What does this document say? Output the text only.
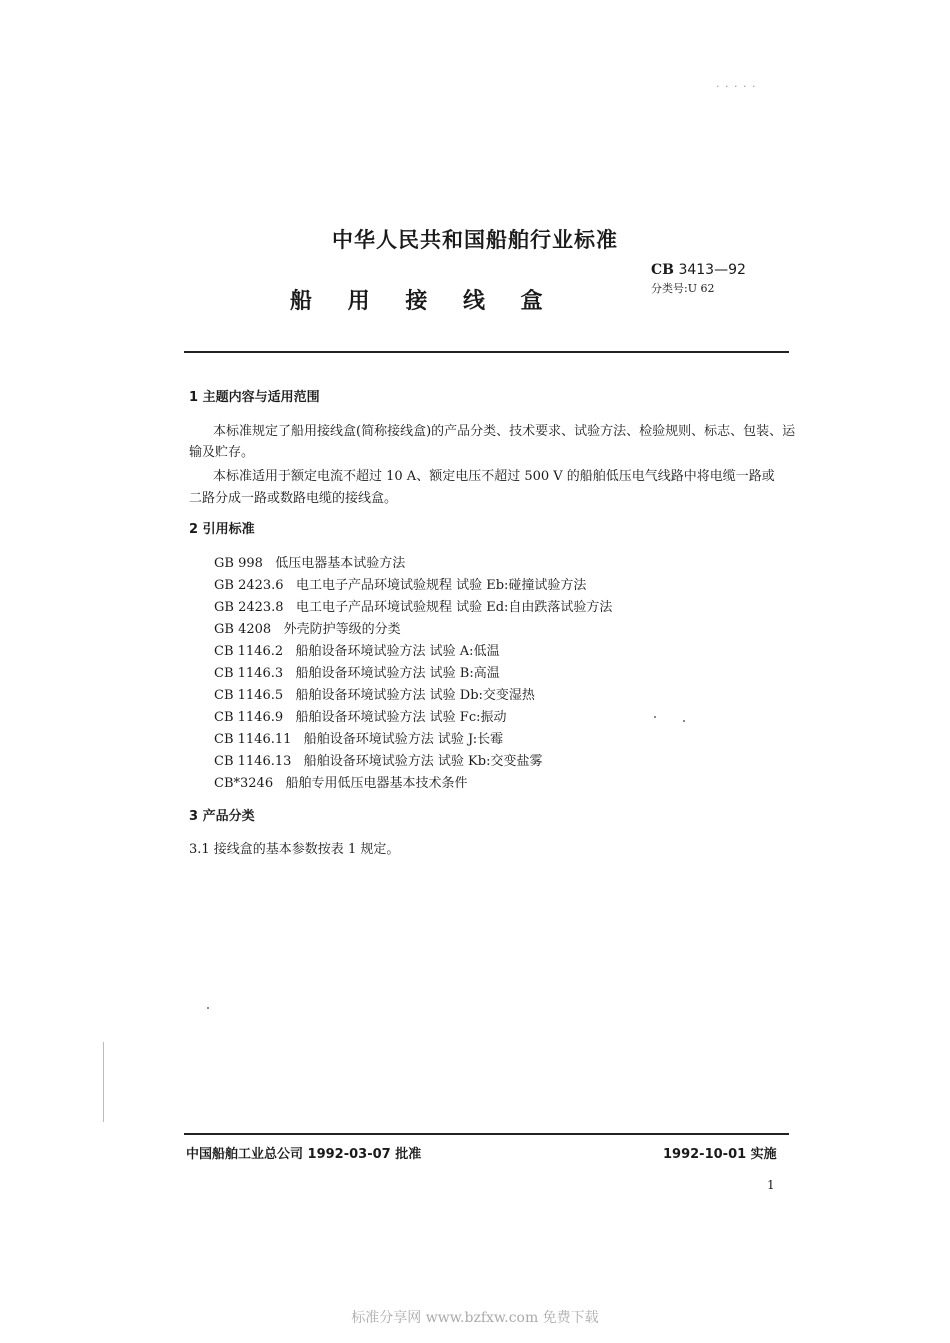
· · · · ·
中华人民共和国船舶行业标准
CB 3413—92
分类号:U 62
船 用 接 线 盒
1 主题内容与适用范围
本标准规定了船用接线盒(简称接线盒)的产品分类、技术要求、试验方法、检验规则、标志、包装、运
输及贮存。
本标准适用于额定电流不超过 10 A、额定电压不超过 500 V 的船舶低压电气线路中将电缆一路或
二路分成一路或数路电缆的接线盒。
2 引用标准
GB 998 低压电器基本试验方法
GB 2423.6 电工电子产品环境试验规程 试验 Eb:碰撞试验方法
GB 2423.8 电工电子产品环境试验规程 试验 Ed:自由跌落试验方法
GB 4208 外壳防护等级的分类
CB 1146.2 船舶设备环境试验方法 试验 A:低温
CB 1146.3 船舶设备环境试验方法 试验 B:高温
CB 1146.5 船舶设备环境试验方法 试验 Db:交变湿热
CB 1146.9 船舶设备环境试验方法 试验 Fc:振动
CB 1146.11 船舶设备环境试验方法 试验 J:长霉
CB 1146.13 船舶设备环境试验方法 试验 Kb:交变盐雾
CB*3246 船舶专用低压电器基本技术条件
3 产品分类
3.1 接线盒的基本参数按表 1 规定。
中国船舶工业总公司 1992-03-07 批准	1992-10-01 实施
1
标准分享网 www.bzfxw.com 免费下载
